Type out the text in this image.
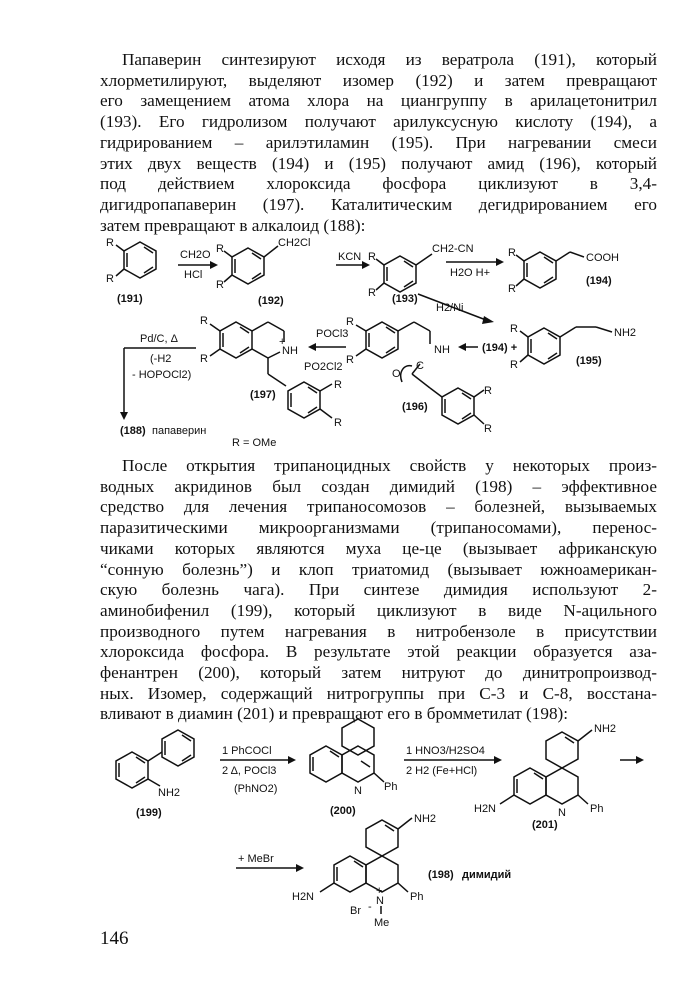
Папаверин синтезируют исходя из вератрола (191), который
хлорметилируют, выделяют изомер (192) и затем превращают
его замещением атома хлора на циангруппу в арилацетонитрил
(193). Его гидролизом получают арилуксусную кислоту (194), а
гидрированием – арилэтиламин (195). При нагревании смеси
этих двух веществ (194) и (195) получают амид (196), который
под действием хлороксида фосфора циклизуют в 3,4-
дигидропапаверин (197). Каталитическим дегидрированием его
затем превращают в алкалоид (188):
R
R
(191)
CH2O
HCl
R
R
CH2Cl
(192)
KCN R
R
CH2-CN
(193)
H2O H+
R
R
COOH
(194)
H2/Ni
R
R
NH2
(195)
(194) +
R
R
NH
O
C
R
R
(196)
POCl3
PO2Cl2
R
R
NH
+
R
R
(197)
Pd/C, Δ
(-H2
- HOPOCl2)
(188) папаверин
R = OMe
После открытия трипаноцидных свойств у некоторых произ-
водных акридинов был создан димидий (198) – эффективное
средство для лечения трипаносомозов – болезней, вызываемых
паразитическими микроорганизмами (трипаносомами), перенос-
чиками которых являются муха це-це (вызывает африканскую
“сонную болезнь”) и клоп триатомид (вызывает южноамерикан-
скую болезнь чага). При синтезе димидия используют 2-
аминобифенил (199), который циклизуют в виде N-ацильного
производного путем нагревания в нитробензоле в присутствии
хлороксида фосфора. В результате этой реакции образуется аза-
фенантрен (200), который затем нитруют до динитропроизвод-
ных. Изомер, содержащий нитрогруппы при С-3 и С-8, восстана-
вливают в диамин (201) и превращают его в бромметилат (198):
NH2
(199)
1 PhCOCl
2 Δ, POCl3
(PhNO2)	N Ph
(200)
1 HNO3/H2SO4
2 H2 (Fe+HCl)
NH2
H2N	N Ph
(201)
+ MeBr
NH2
H2N	N
+	Ph
Br -
Me
(198) димидий
146
